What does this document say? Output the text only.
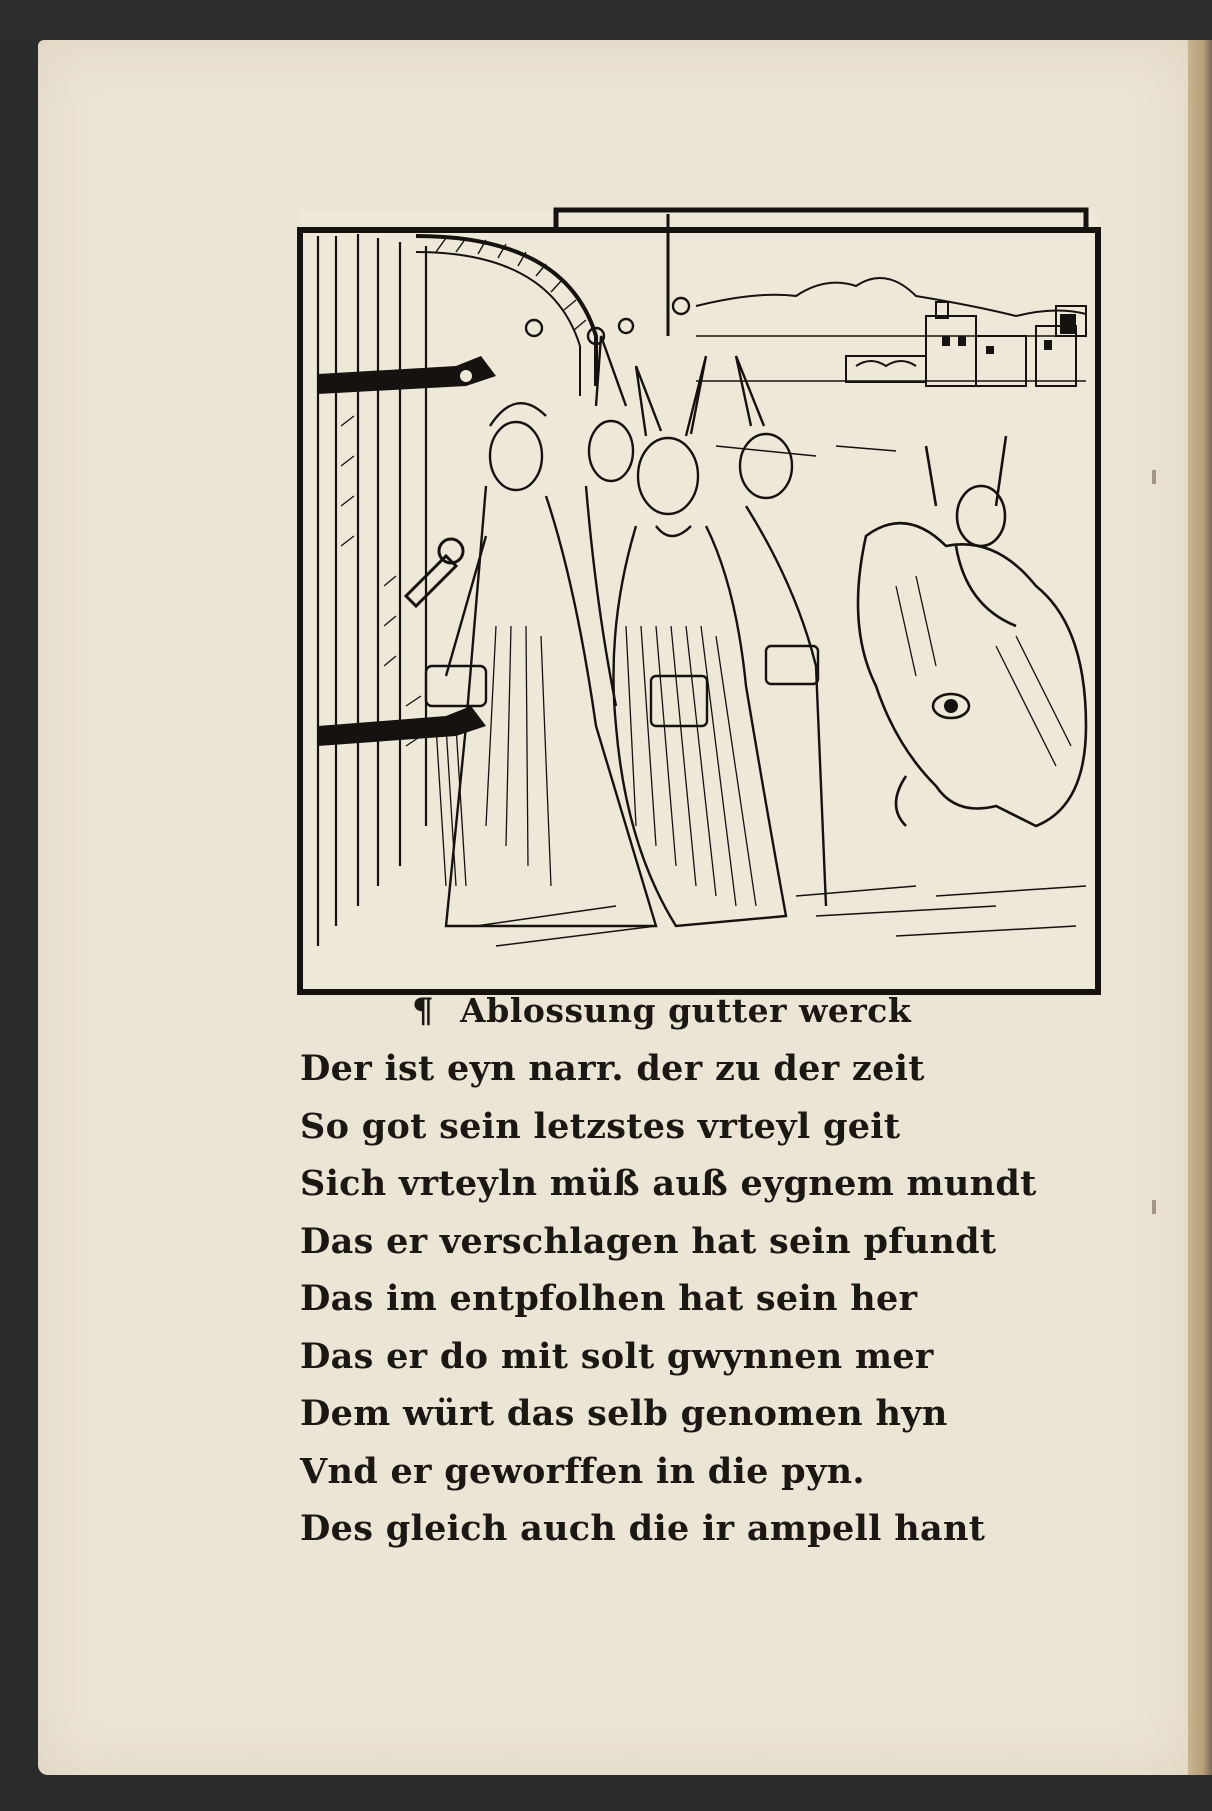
¶ Ablossung gutter werck
Der ist eyn narr. der zu der zeit
So got sein letzstes vrteyl geit
Sich vrteyln müß auß eygnem mundt
Das er verschlagen hat sein pfundt
Das im entpfolhen hat sein her
Das er do mit solt gwynnen mer
Dem würt das selb genomen hyn
Vnd er geworffen in die pyn.
Des gleich auch die ir ampell hant
